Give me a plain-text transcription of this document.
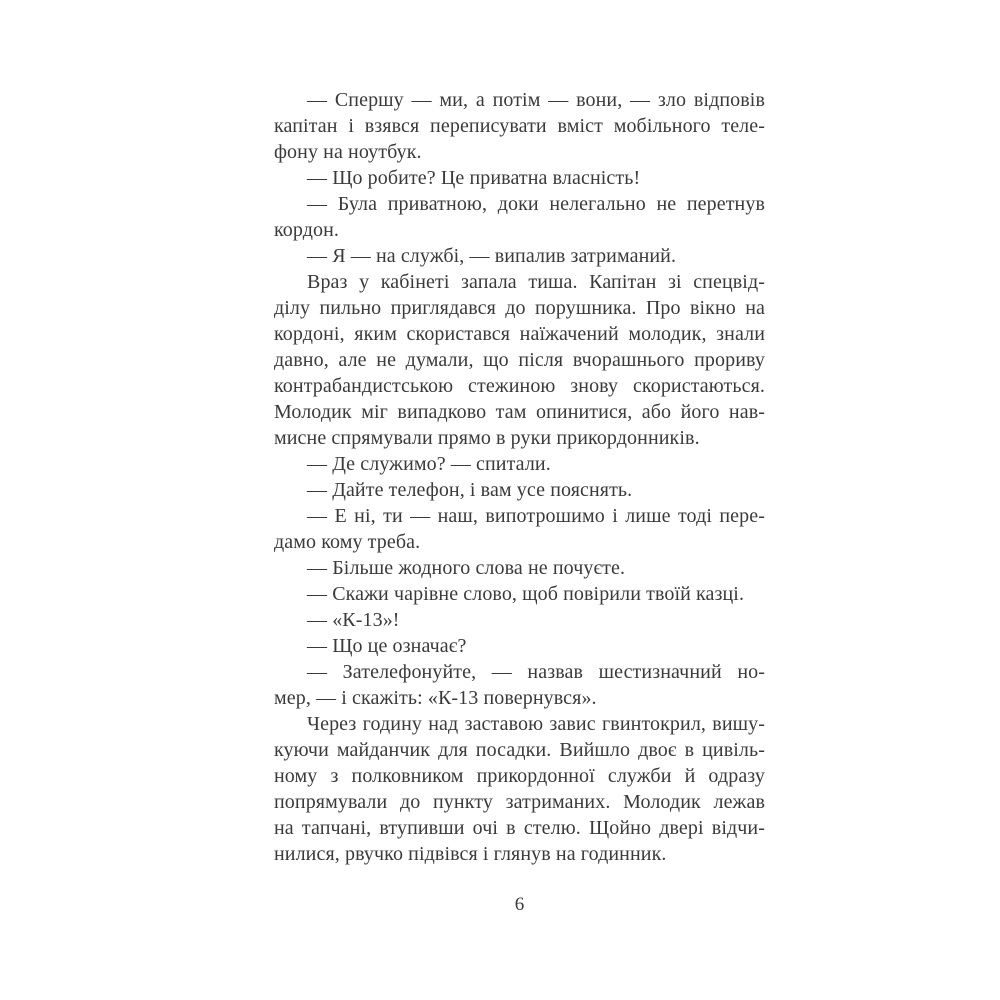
— Спершу — ми, а потім — вони, — зло відповів
капітан і взявся переписувати вміст мобільного теле-
фону на ноутбук.
— Що робите? Це приватна власність!
— Була приватною, доки нелегально не перетнув
кордон.
— Я — на службі, — випалив затриманий.
Враз у кабінеті запала тиша. Капітан зі спецвід-
ділу пильно приглядався до порушника. Про вікно на
кордоні, яким скористався наїжачений молодик, знали
давно, але не думали, що після вчорашнього прориву
контрабандистською стежиною знову скористаються.
Молодик міг випадково там опинитися, або його нав-
мисне спрямували прямо в руки прикордонників.
— Де служимо? — спитали.
— Дайте телефон, і вам усе пояснять.
— Е ні, ти — наш, випотрошимо і лише тоді пере-
дамо кому треба.
— Більше жодного слова не почуєте.
— Скажи чарівне слово, щоб повірили твоїй казці.
— «К-13»!
— Що це означає?
— Зателефонуйте, — назвав шестизначний но-
мер, — і скажіть: «К-13 повернувся».
Через годину над заставою завис гвинтокрил, вишу-
куючи майданчик для посадки. Вийшло двоє в цивіль-
ному з полковником прикордонної служби й одразу
попрямували до пункту затриманих. Молодик лежав
на тапчані, втупивши очі в стелю. Щойно двері відчи-
нилися, рвучко підвівся і глянув на годинник.
6
